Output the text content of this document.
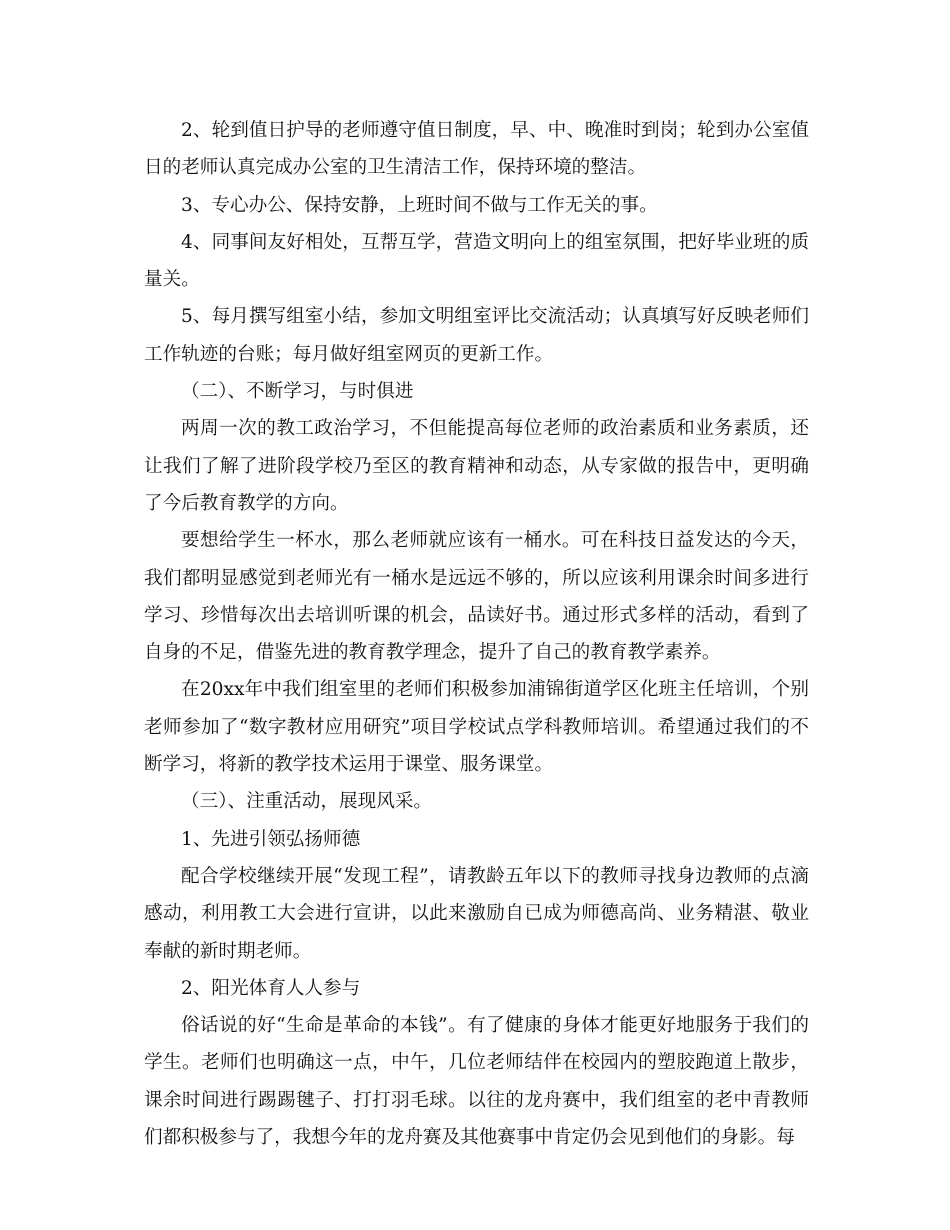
2、轮到值日护导的老师遵守值日制度，早、中、晚准时到岗；轮到办公室值日的老师认真完成办公室的卫生清洁工作，保持环境的整洁。

3、专心办公、保持安静，上班时间不做与工作无关的事。

4、同事间友好相处，互帮互学，营造文明向上的组室氛围，把好毕业班的质量关。

5、每月撰写组室小结，参加文明组室评比交流活动；认真填写好反映老师们工作轨迹的台账；每月做好组室网页的更新工作。

（二）、不断学习，与时俱进

两周一次的教工政治学习，不但能提高每位老师的政治素质和业务素质，还让我们了解了进阶段学校乃至区的教育精神和动态，从专家做的报告中，更明确了今后教育教学的方向。

要想给学生一杯水，那么老师就应该有一桶水。可在科技日益发达的今天，我们都明显感觉到老师光有一桶水是远远不够的，所以应该利用课余时间多进行学习、珍惜每次出去培训听课的机会，品读好书。通过形式多样的活动，看到了自身的不足，借鉴先进的教育教学理念，提升了自己的教育教学素养。

在20xx年中我们组室里的老师们积极参加浦锦街道学区化班主任培训，个别老师参加了“数字教材应用研究”项目学校试点学科教师培训。希望通过我们的不断学习，将新的教学技术运用于课堂、服务课堂。

（三）、注重活动，展现风采。

1、先进引领弘扬师德

配合学校继续开展“发现工程”，请教龄五年以下的教师寻找身边教师的点滴感动，利用教工大会进行宣讲，以此来激励自已成为师德高尚、业务精湛、敬业奉献的新时期老师。

2、阳光体育人人参与

俗话说的好“生命是革命的本钱”。有了健康的身体才能更好地服务于我们的学生。老师们也明确这一点，中午，几位老师结伴在校园内的塑胶跑道上散步，课余时间进行踢踢毽子、打打羽毛球。以往的龙舟赛中，我们组室的老中青教师们都积极参与了，我想今年的龙舟赛及其他赛事中肯定仍会见到他们的身影。每
